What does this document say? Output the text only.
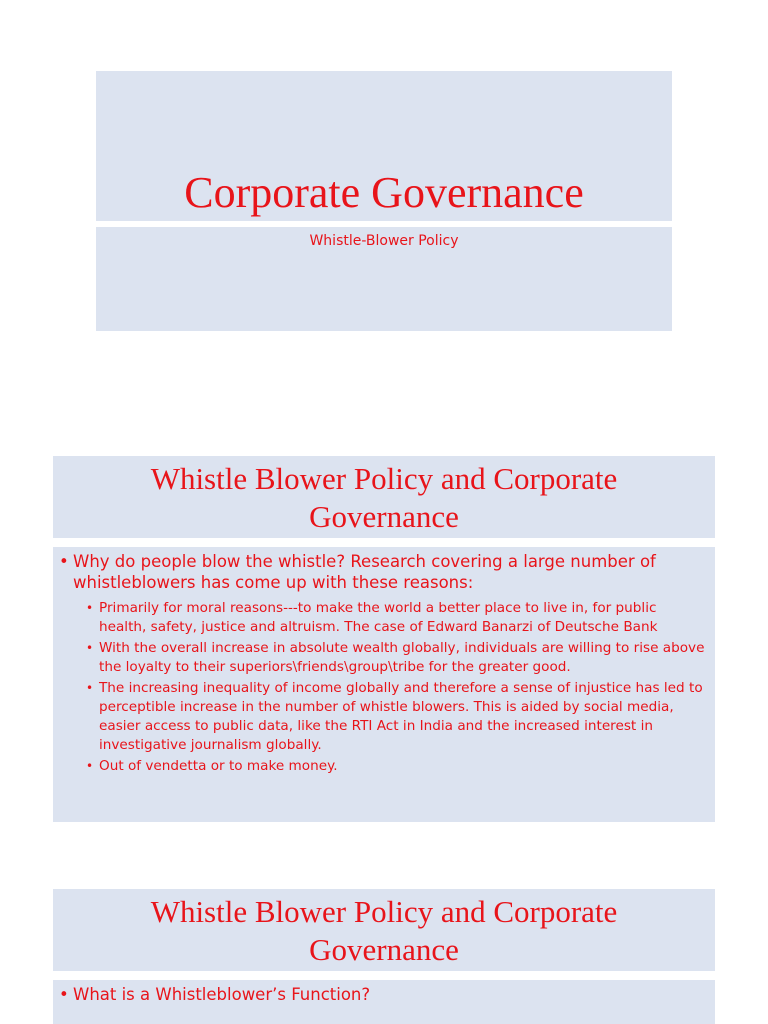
Corporate Governance
Whistle-Blower Policy
Whistle Blower Policy and Corporate
Governance
• Why do people blow the whistle? Research covering a large number of whistleblowers has come up with these reasons:
• Primarily for moral reasons---to make the world a better place to live in, for public health, safety, justice and altruism. The case of Edward Banarzi of Deutsche Bank
• With the overall increase in absolute wealth globally, individuals are willing to rise above the loyalty to their superiors\friends\group\tribe for the greater good.
• The increasing inequality of income globally and therefore a sense of injustice has led to perceptible increase in the number of whistle blowers. This is aided by social media, easier access to public data, like the RTI Act in India and the increased interest in investigative journalism globally.
• Out of vendetta or to make money.
Whistle Blower Policy and Corporate
Governance
• What is a Whistleblower’s Function?
